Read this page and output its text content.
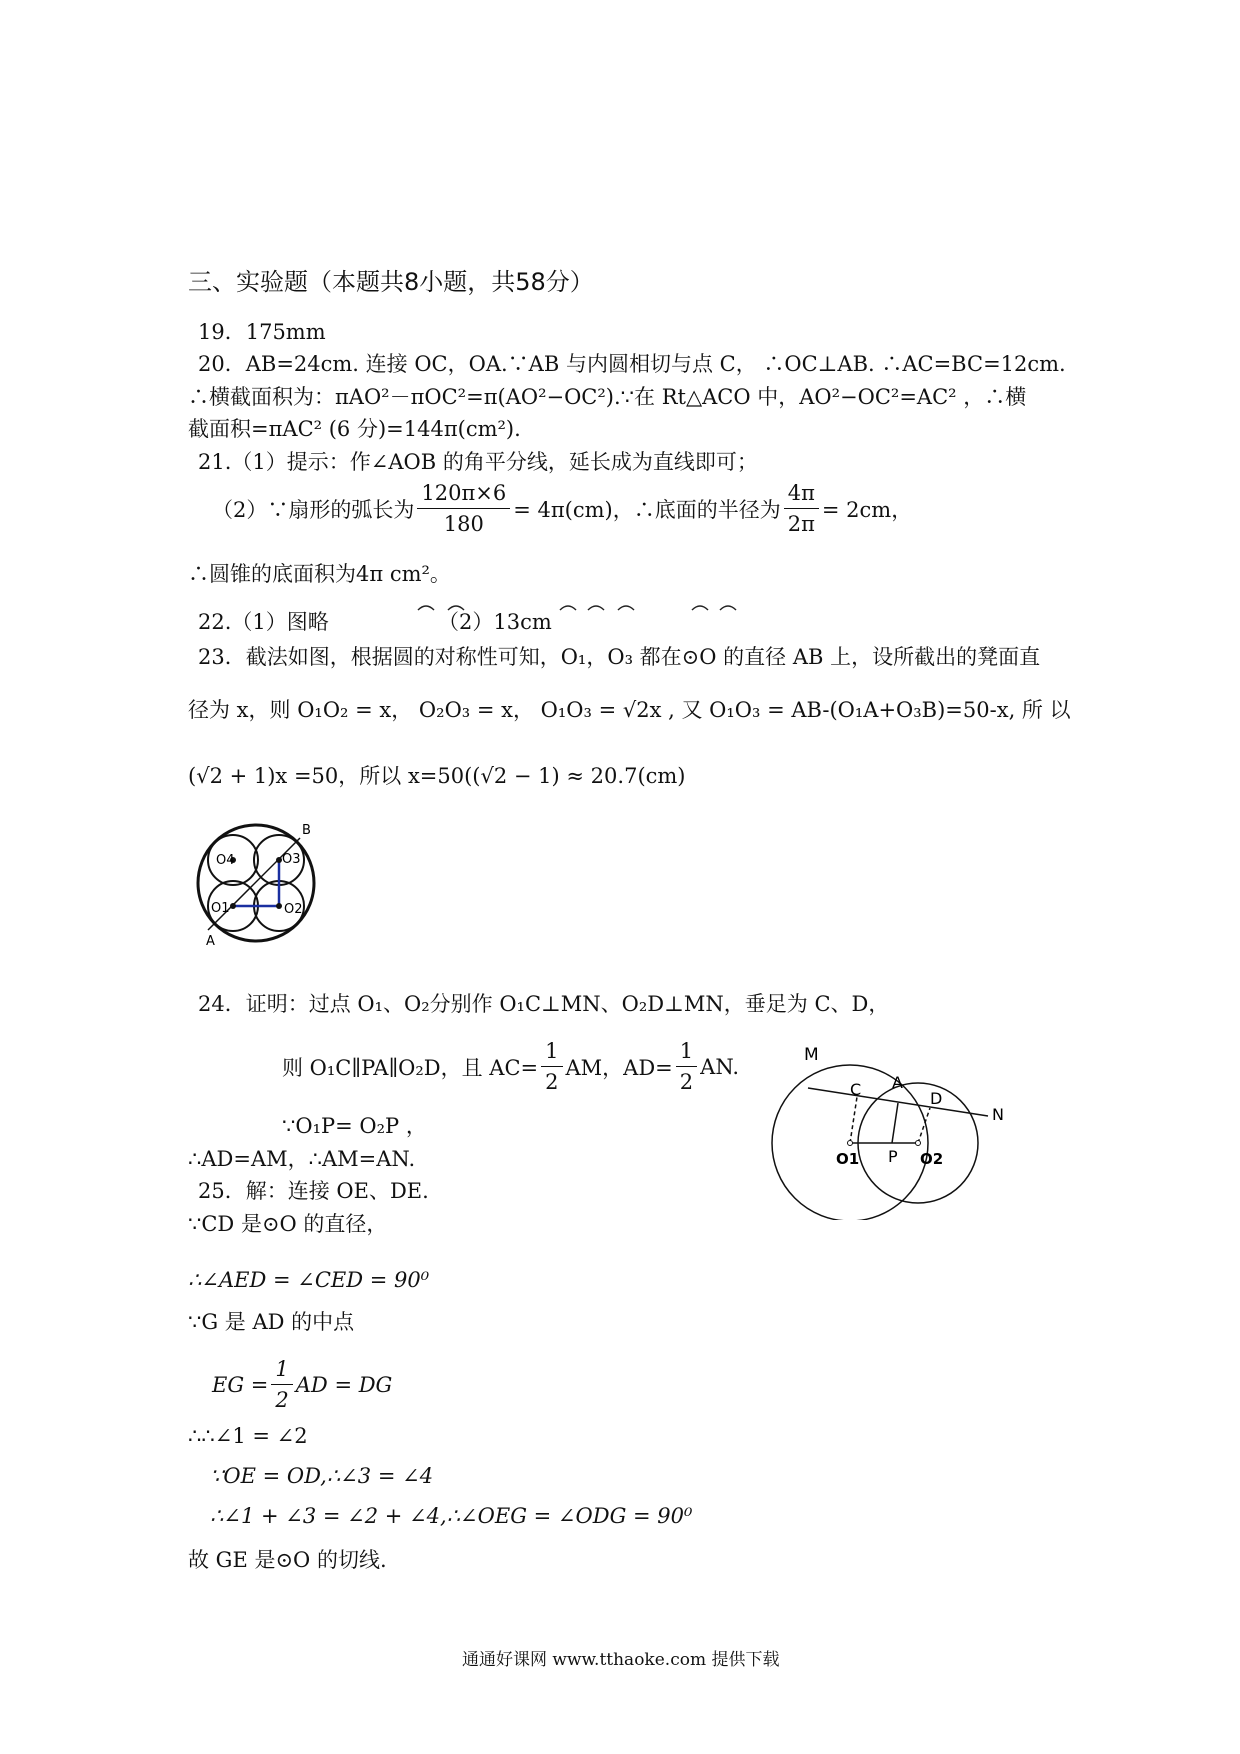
三、实验题（本题共8小题，共58分）
19．175mm
20．AB=24cm. 连接 OC，OA.∵AB 与内圆相切与点 C， ∴OC⊥AB. ∴AC=BC=12cm.
∴横截面积为：πAO²－πOC²=π(AO²−OC²).∵在 Rt△ACO 中，AO²−OC²=AC² ，∴横
截面积=πAC² (6 分)=144π(cm²).
21.（1）提示：作∠AOB 的角平分线，延长成为直线即可；
（2）∵扇形的弧长为 $\frac{120\pi\times 6}{180} = 4\pi(cm)$，∴底面的半径为 $\frac{4\pi}{2\pi} = 2cm$，
∴圆锥的底面积为4π cm²。
22.（1）图略	（2）13cm
23．截法如图，根据圆的对称性可知，O₁，O₃ 都在⊙O 的直径 AB 上，设所截出的凳面直
径为 x，则 O₁O₂ = x， O₂O₃ = x， O₁O₃ = √2x , 又 O₁O₃ = AB-(O₁A+O₃B)=50-x, 所 以
(√2 + 1)x =50，所以 x=50((√2 − 1) ≈ 20.7(cm)
O4	O3
O1	O2
A
B
24．证明：过点 O₁、O₂分别作 O₁C⊥MN、O₂D⊥MN，垂足为 C、D，
则 O₁C∥PA∥O₂D，且 $AC= \frac{1}{2}$ AM，$AD= \frac{1}{2}$ AN.
∵O₁P= O₂P ，
∴AD=AM，∴AM=AN.
M
A
C	D
N
O1 P O2
25．解：连接 OE、DE.
∵CD 是⊙O 的直径，
∴∠AED = ∠CED = 90⁰
∵G 是 AD 的中点
EG = $\frac{1}{2}$ AD = DG
∴∴∠1 = ∠2
∵OE = OD,∴∠3 = ∠4
∴∠1 + ∠3 = ∠2 + ∠4,∴∠OEG = ∠ODG = 90⁰
故 GE 是⊙O 的切线.
通通好课网 www.tthaoke.com 提供下载
